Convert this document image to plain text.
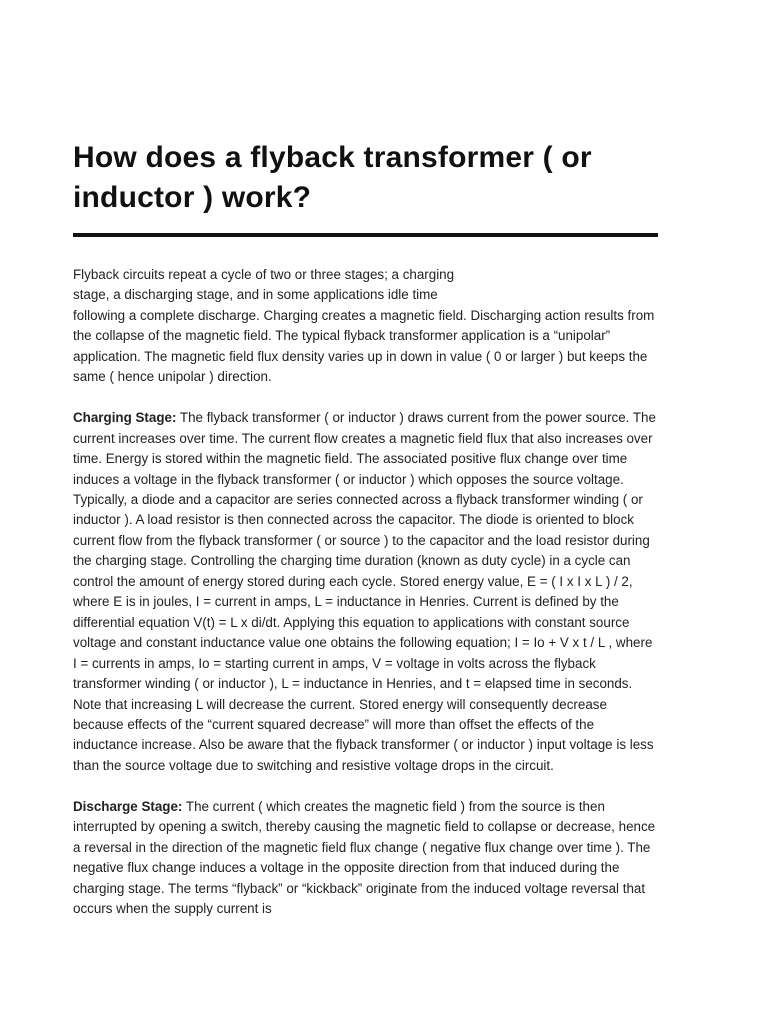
How does a flyback transformer ( or inductor ) work?

Flyback circuits repeat a cycle of two or three stages; a charging
stage, a discharging stage, and in some applications idle time
following a complete discharge. Charging creates a magnetic field. Discharging action results from the collapse of the magnetic field. The typical flyback transformer application is a “unipolar” application. The magnetic field flux density varies up in down in value ( 0 or larger ) but keeps the same ( hence unipolar ) direction.

Charging Stage: The flyback transformer ( or inductor ) draws current from the power source. The current increases over time. The current flow creates a magnetic field flux that also increases over time. Energy is stored within the magnetic field. The associated positive flux change over time induces a voltage in the flyback transformer ( or inductor ) which opposes the source voltage. Typically, a diode and a capacitor are series connected across a flyback transformer winding ( or inductor ). A load resistor is then connected across the capacitor. The diode is oriented to block current flow from the flyback transformer ( or source ) to the capacitor and the load resistor during the charging stage. Controlling the charging time duration (known as duty cycle) in a cycle can control the amount of energy stored during each cycle. Stored energy value, E = ( I x I x L ) / 2, where E is in joules, I = current in amps, L = inductance in Henries. Current is defined by the differential equation V(t) = L x di/dt. Applying this equation to applications with constant source voltage and constant inductance value one obtains the following equation; I = Io + V x t / L , where I = currents in amps, Io = starting current in amps, V = voltage in volts across the flyback transformer winding ( or inductor ), L = inductance in Henries, and t = elapsed time in seconds. Note that increasing L will decrease the current. Stored energy will consequently decrease because effects of the “current squared decrease” will more than offset the effects of the inductance increase. Also be aware that the flyback transformer ( or inductor ) input voltage is less than the source voltage due to switching and resistive voltage drops in the circuit.

Discharge Stage: The current ( which creates the magnetic field ) from the source is then interrupted by opening a switch, thereby causing the magnetic field to collapse or decrease, hence a reversal in the direction of the magnetic field flux change ( negative flux change over time ). The negative flux change induces a voltage in the opposite direction from that induced during the charging stage. The terms “flyback” or “kickback” originate from the induced voltage reversal that occurs when the supply current is
